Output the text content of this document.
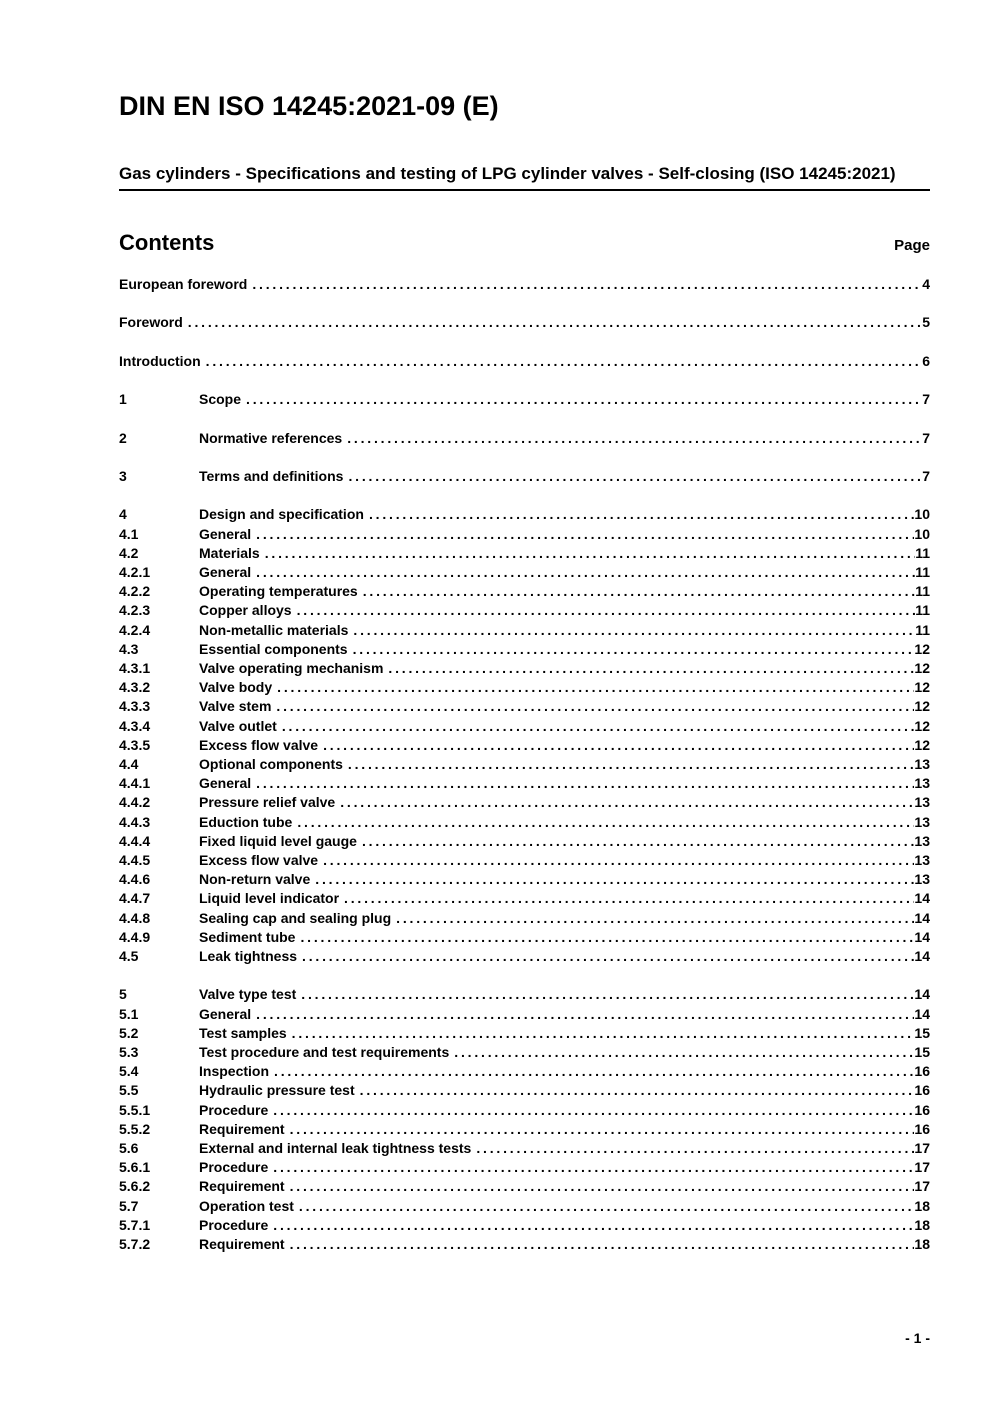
DIN EN ISO 14245:2021-09 (E)
Gas cylinders - Specifications and testing of LPG cylinder valves - Self-closing (ISO 14245:2021)
Contents	Page
European foreword .....	4
Foreword .....	5
Introduction .....	6
1	Scope .....	7
2	Normative references .....	7
3	Terms and definitions .....	7
4	Design and specification .....	10
4.1	General .....	10
4.2	Materials .....	11
4.2.1	General .....	11
4.2.2	Operating temperatures .....	11
4.2.3	Copper alloys .....	11
4.2.4	Non-metallic materials .....	11
4.3	Essential components .....	12
4.3.1	Valve operating mechanism .....	12
4.3.2	Valve body .....	12
4.3.3	Valve stem .....	12
4.3.4	Valve outlet .....	12
4.3.5	Excess flow valve .....	12
4.4	Optional components .....	13
4.4.1	General .....	13
4.4.2	Pressure relief valve .....	13
4.4.3	Eduction tube .....	13
4.4.4	Fixed liquid level gauge .....	13
4.4.5	Excess flow valve .....	13
4.4.6	Non-return valve .....	13
4.4.7	Liquid level indicator .....	14
4.4.8	Sealing cap and sealing plug .....	14
4.4.9	Sediment tube .....	14
4.5	Leak tightness .....	14
5	Valve type test .....	14
5.1	General .....	14
5.2	Test samples .....	15
5.3	Test procedure and test requirements .....	15
5.4	Inspection .....	16
5.5	Hydraulic pressure test .....	16
5.5.1	Procedure .....	16
5.5.2	Requirement .....	16
5.6	External and internal leak tightness tests .....	17
5.6.1	Procedure .....	17
5.6.2	Requirement .....	17
5.7	Operation test .....	18
5.7.1	Procedure .....	18
5.7.2	Requirement .....	18
- 1 -
